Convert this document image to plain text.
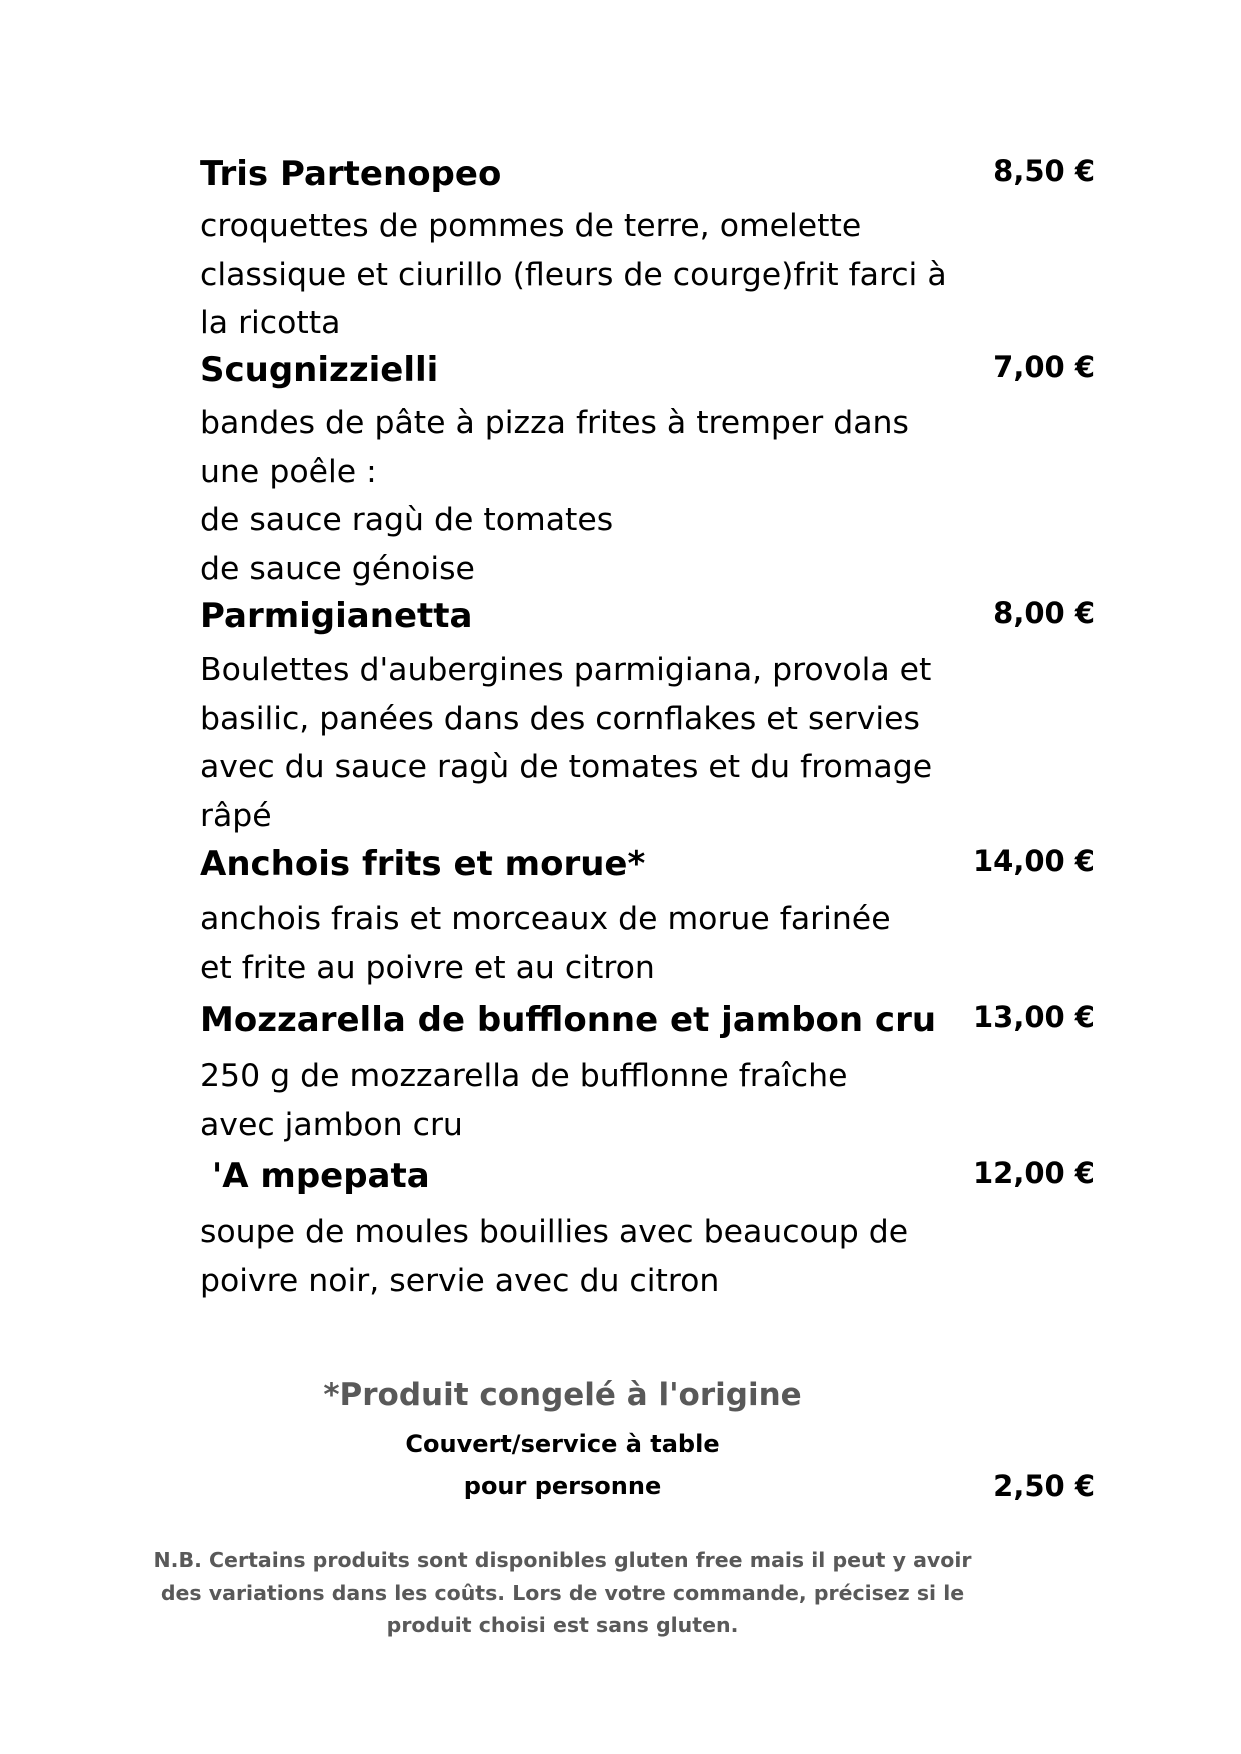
Tris Partenopeo	8,50 €
croquettes de pommes de terre, omelette
classique et ciurillo (fleurs de courge)frit farci à
la ricotta
Scugnizzielli	7,00 €
bandes de pâte à pizza frites à tremper dans
une poêle :
de sauce ragù de tomates
de sauce génoise
Parmigianetta	8,00 €
Boulettes d'aubergines parmigiana, provola et
basilic, panées dans des cornflakes et servies
avec du sauce ragù de tomates et du fromage
râpé
Anchois frits et morue*	14,00 €
anchois frais et morceaux de morue farinée
et frite au poivre et au citron
Mozzarella de bufflonne et jambon cru 13,00 €
250 g de mozzarella de bufflonne fraîche
avec jambon cru
'A mpepata	12,00 €
soupe de moules bouillies avec beaucoup de
poivre noir, servie avec du citron
*Produit congelé à l'origine
Couvert/service à table
pour personne	2,50 €
N.B. Certains produits sont disponibles gluten free mais il peut y avoir
des variations dans les coûts. Lors de votre commande, précisez si le
produit choisi est sans gluten.
